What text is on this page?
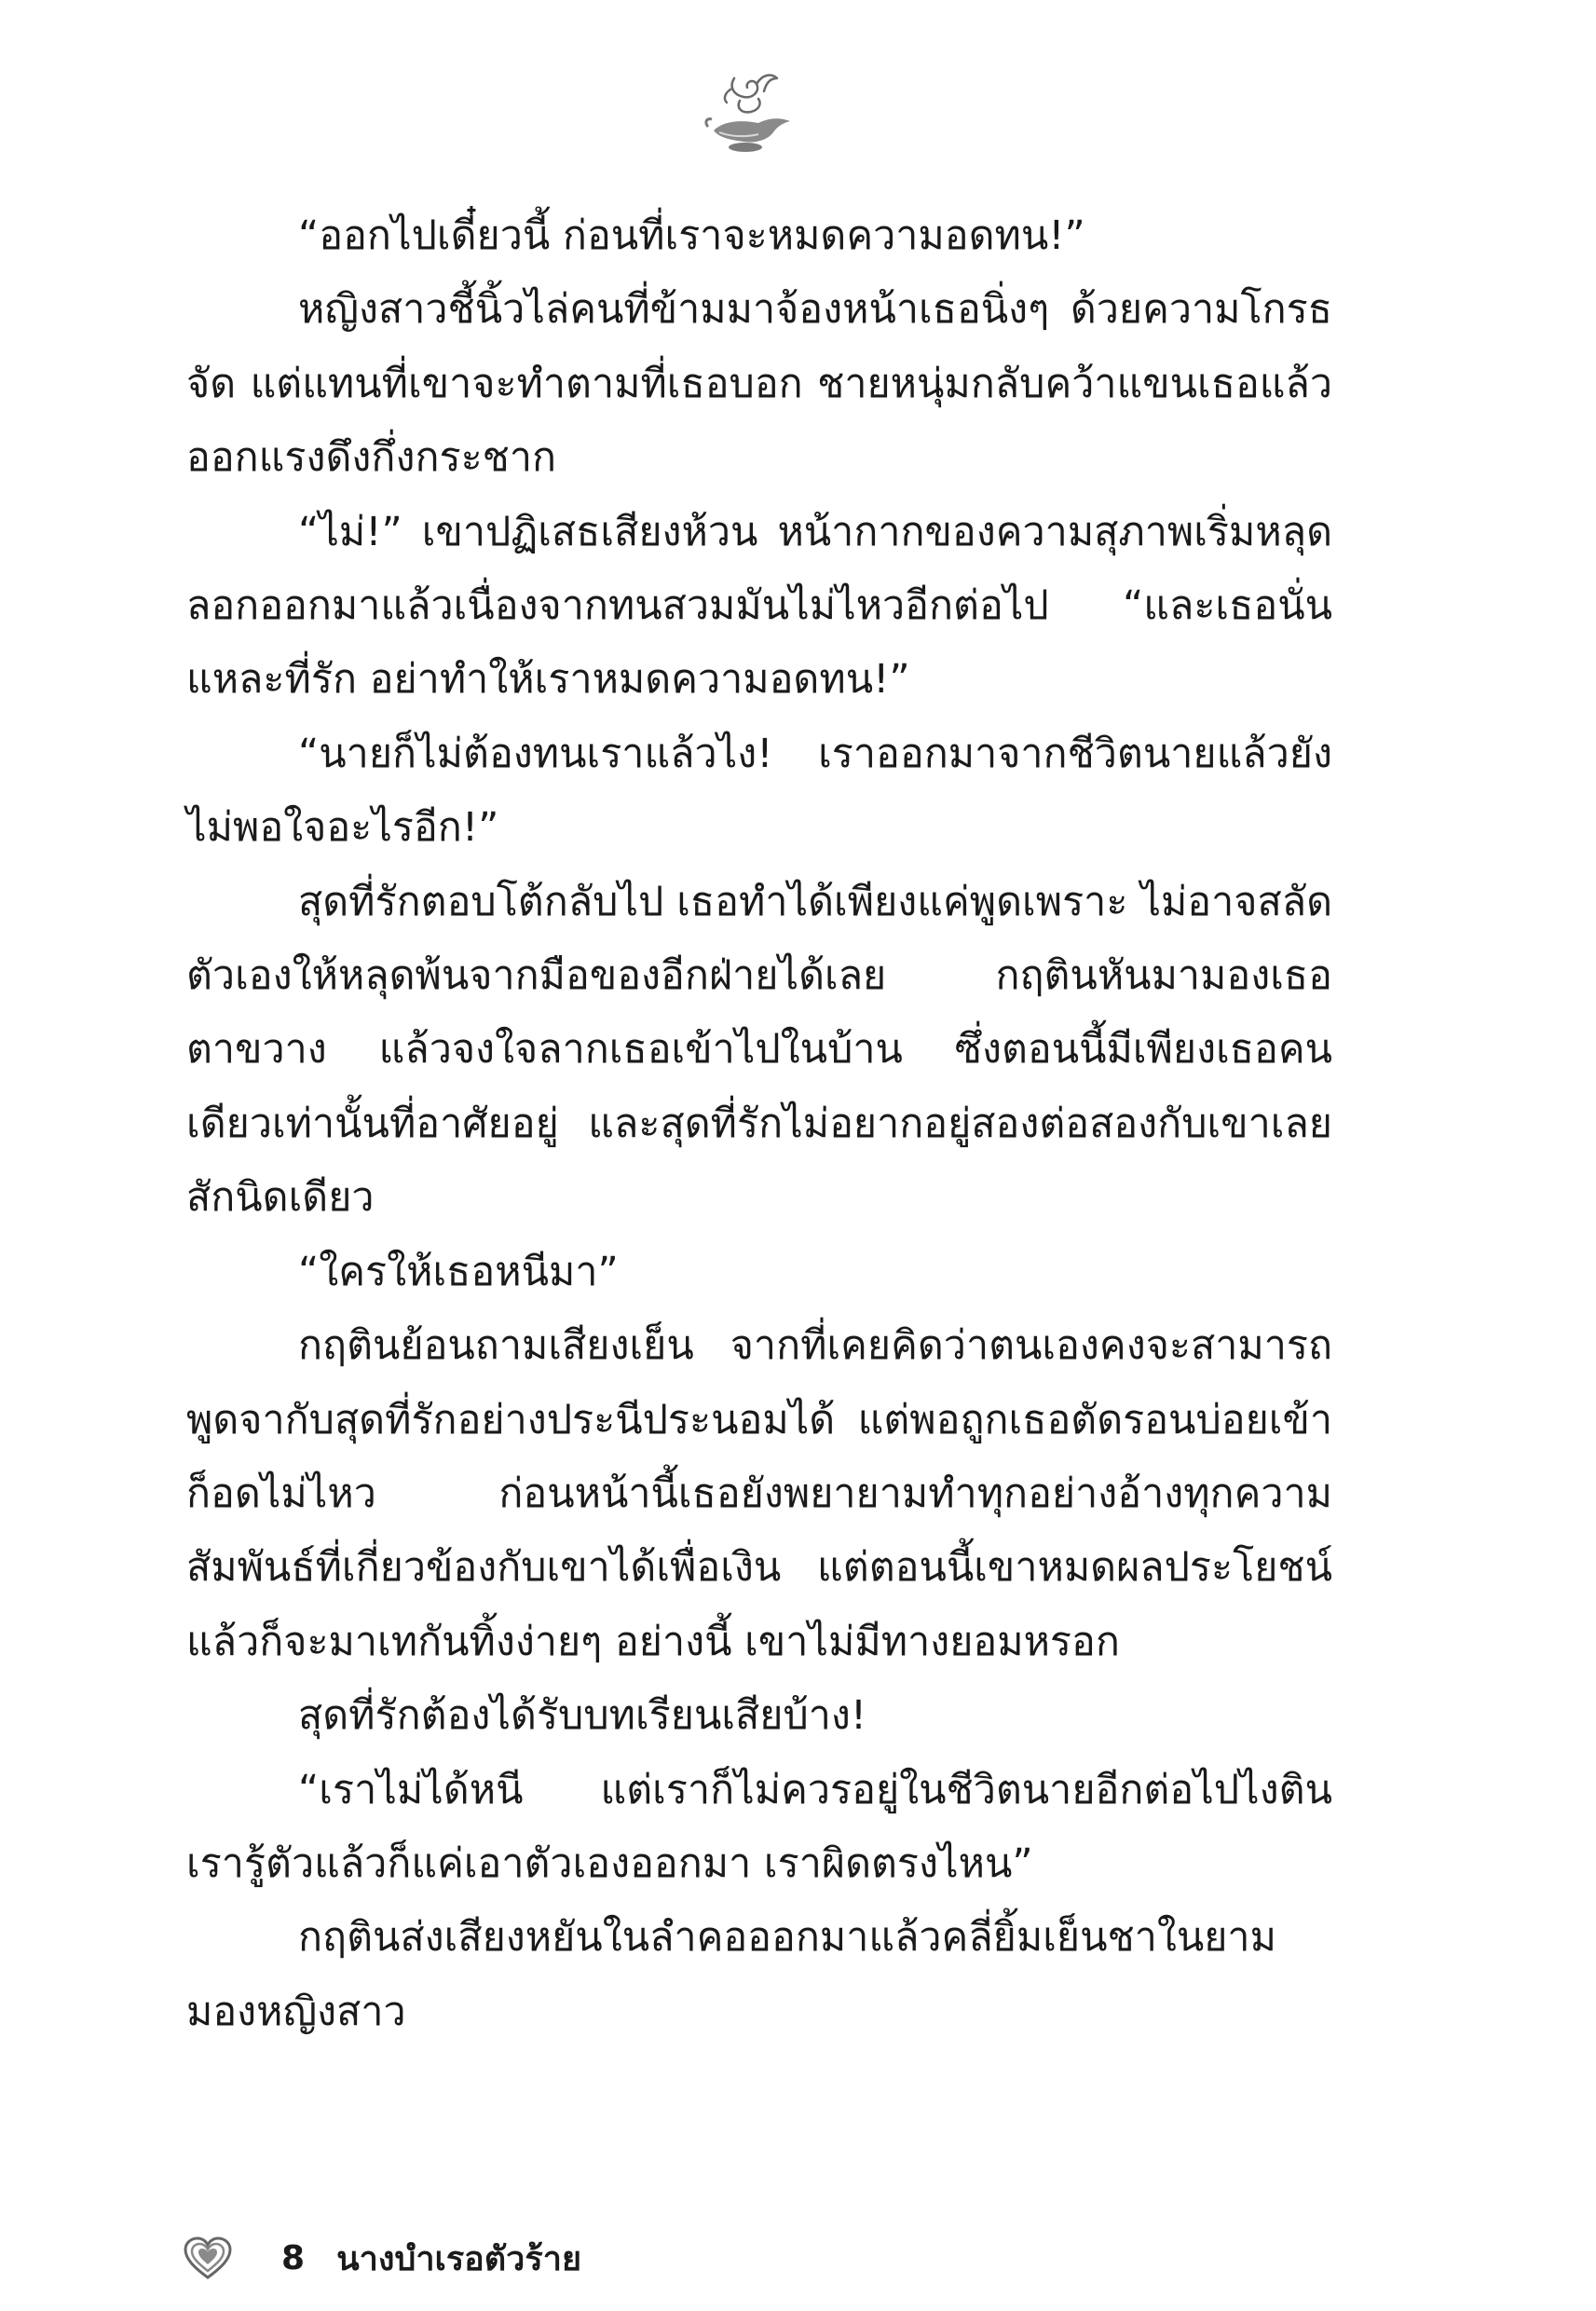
“ออกไปเดี๋ยวนี้ ก่อนที่เราจะหมดความอดทน!”

หญิงสาวชี้นิ้วไล่คนที่ข้ามมาจ้องหน้าเธอนิ่งๆ ด้วยความโกรธจัด แต่แทนที่เขาจะทำตามที่เธอบอก ชายหนุ่มกลับคว้าแขนเธอแล้วออกแรงดึงกึ่งกระชาก

“ไม่!” เขาปฏิเสธเสียงห้วน หน้ากากของความสุภาพเริ่มหลุดลอกออกมาแล้วเนื่องจากทนสวมมันไม่ไหวอีกต่อไป “และเธอนั่นแหละที่รัก อย่าทำให้เราหมดความอดทน!”

“นายก็ไม่ต้องทนเราแล้วไง! เราออกมาจากชีวิตนายแล้วยังไม่พอใจอะไรอีก!”

สุดที่รักตอบโต้กลับไป เธอทำได้เพียงแค่พูดเพราะ ไม่อาจสลัดตัวเองให้หลุดพ้นจากมือของอีกฝ่ายได้เลย กฤตินหันมามองเธอตาขวาง แล้วจงใจลากเธอเข้าไปในบ้าน ซึ่งตอนนี้มีเพียงเธอคนเดียวเท่านั้นที่อาศัยอยู่ และสุดที่รักไม่อยากอยู่สองต่อสองกับเขาเลยสักนิดเดียว

“ใครให้เธอหนีมา”

กฤตินย้อนถามเสียงเย็น จากที่เคยคิดว่าตนเองคงจะสามารถพูดจากับสุดที่รักอย่างประนีประนอมได้ แต่พอถูกเธอตัดรอนบ่อยเข้าก็อดไม่ไหว ก่อนหน้านี้เธอยังพยายามทำทุกอย่างอ้างทุกความสัมพันธ์ที่เกี่ยวข้องกับเขาได้เพื่อเงิน แต่ตอนนี้เขาหมดผลประโยชน์แล้วก็จะมาเทกันทิ้งง่ายๆ อย่างนี้ เขาไม่มีทางยอมหรอก

สุดที่รักต้องได้รับบทเรียนเสียบ้าง!

“เราไม่ได้หนี แต่เราก็ไม่ควรอยู่ในชีวิตนายอีกต่อไปไงติน เรารู้ตัวแล้วก็แค่เอาตัวเองออกมา เราผิดตรงไหน”

กฤตินส่งเสียงหยันในลำคอออกมาแล้วคลี่ยิ้มเย็นชาในยามมองหญิงสาว

8 นางบำเรอตัวร้าย
